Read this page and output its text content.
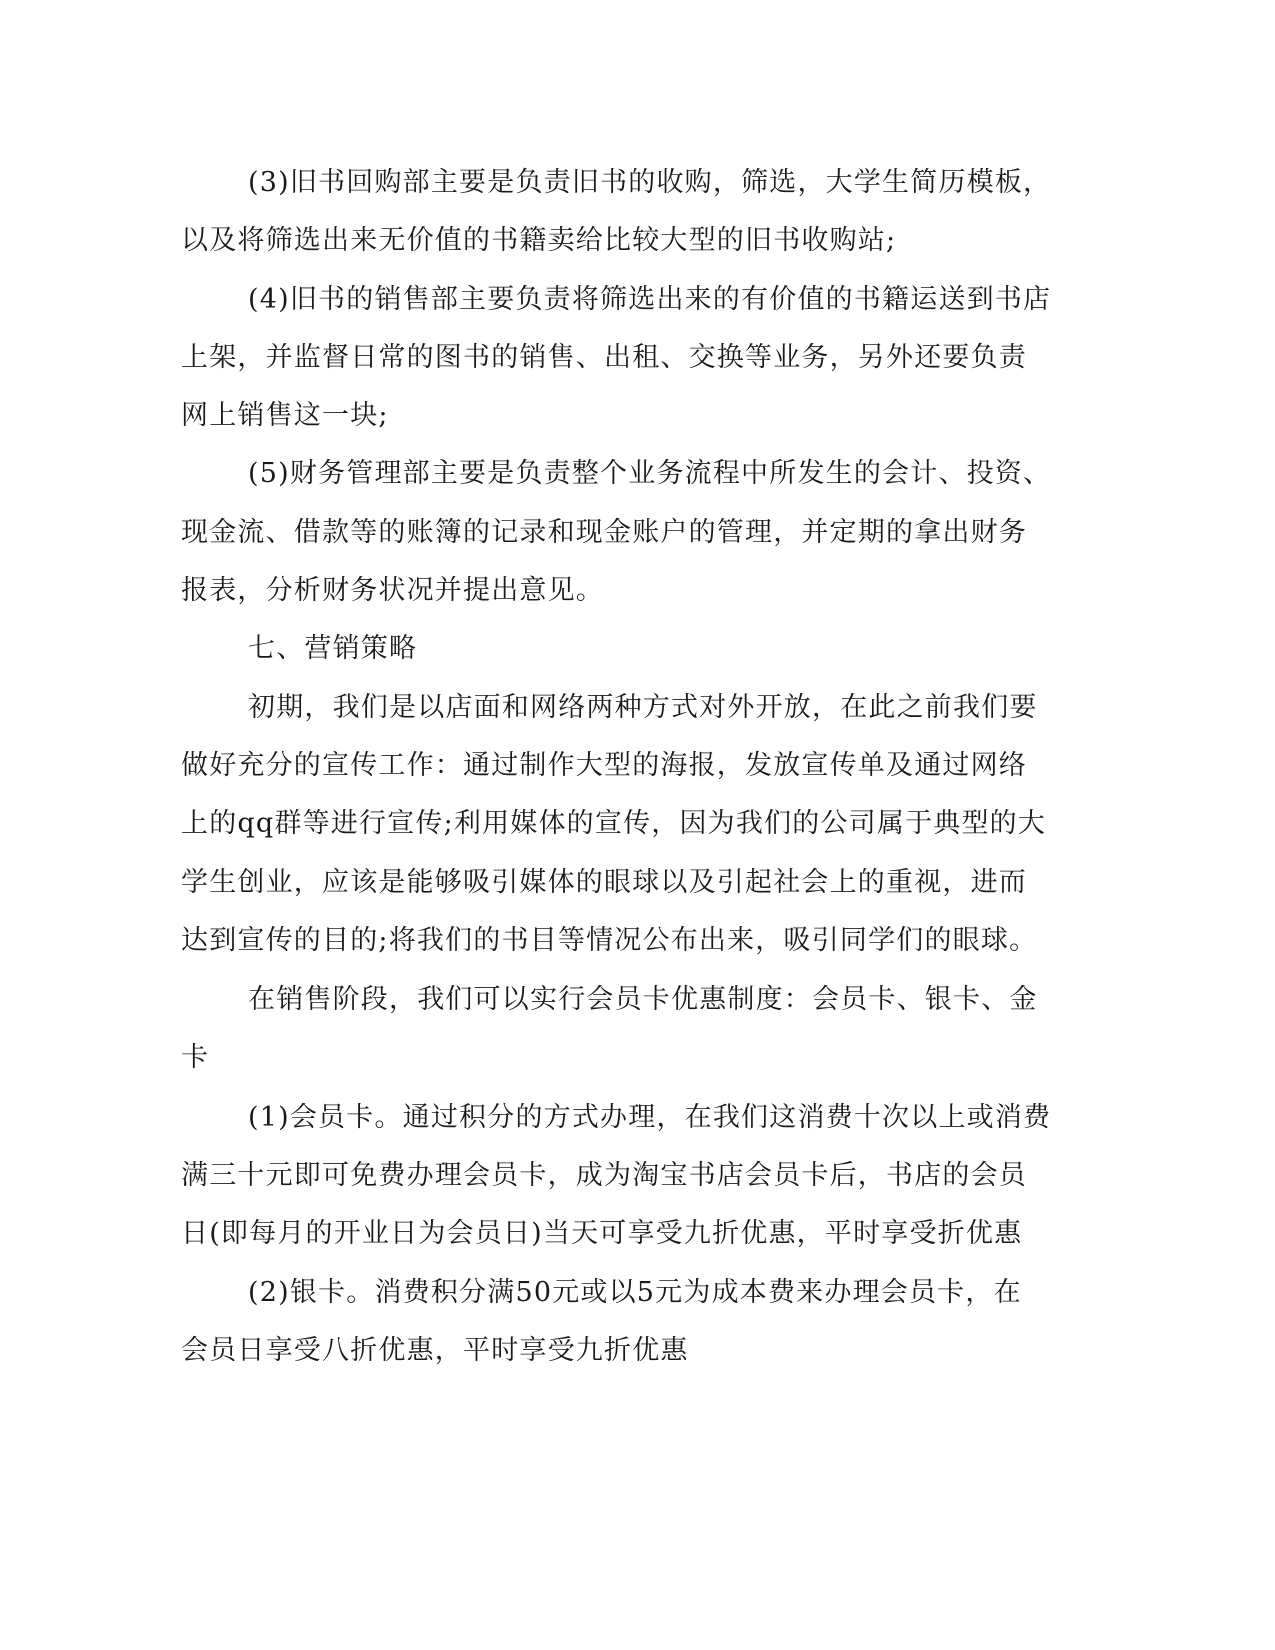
(3)旧书回购部主要是负责旧书的收购，筛选，大学生简历模板，
以及将筛选出来无价值的书籍卖给比较大型的旧书收购站;
(4)旧书的销售部主要负责将筛选出来的有价值的书籍运送到书店
上架，并监督日常的图书的销售、出租、交换等业务，另外还要负责
网上销售这一块;
(5)财务管理部主要是负责整个业务流程中所发生的会计、投资、
现金流、借款等的账簿的记录和现金账户的管理，并定期的拿出财务
报表，分析财务状况并提出意见。
七、营销策略
初期，我们是以店面和网络两种方式对外开放，在此之前我们要
做好充分的宣传工作：通过制作大型的海报，发放宣传单及通过网络
上的qq群等进行宣传;利用媒体的宣传，因为我们的公司属于典型的大
学生创业，应该是能够吸引媒体的眼球以及引起社会上的重视，进而
达到宣传的目的;将我们的书目等情况公布出来，吸引同学们的眼球。
在销售阶段，我们可以实行会员卡优惠制度：会员卡、银卡、金
卡
(1)会员卡。通过积分的方式办理，在我们这消费十次以上或消费
满三十元即可免费办理会员卡，成为淘宝书店会员卡后，书店的会员
日(即每月的开业日为会员日)当天可享受九折优惠，平时享受折优惠
(2)银卡。消费积分满50元或以5元为成本费来办理会员卡，在
会员日享受八折优惠，平时享受九折优惠
